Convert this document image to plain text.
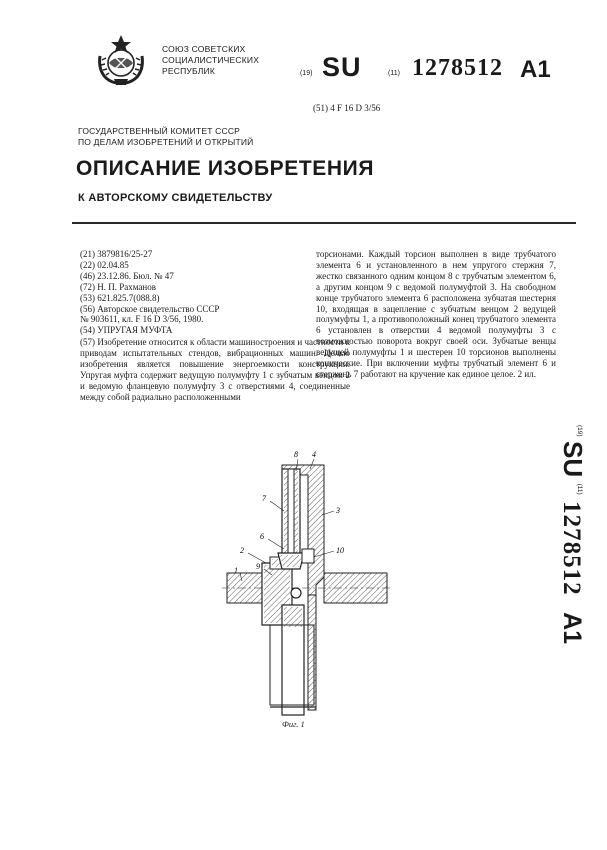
СОЮЗ СОВЕТСКИХ
СОЦИАЛИСТИЧЕСКИХ
РЕСПУБЛИК	(19) SU	(11) 1278512 A1
(51) 4 F 16 D 3/56
ГОСУДАРСТВЕННЫЙ КОМИТЕТ СССР
ПО ДЕЛАМ ИЗОБРЕТЕНИЙ И ОТКРЫТИЙ
ОПИСАНИЕ ИЗОБРЕТЕНИЯ
К АВТОРСКОМУ СВИДЕТЕЛЬСТВУ
(21) 3879816/25-27
(22) 02.04.85
(46) 23.12.86. Бюл. № 47
(72) Н. П. Рахманов
(53) 621.825.7(088.8)
(56) Авторское свидетельство СССР
№ 903611, кл. F 16 D 3/56, 1980.
(54) УПРУГАЯ МУФТА
(57) Изобретение относится к области машиностроения и частности к приводам испытательных стендов, вибрационных машин. Целью изобретения является повышение энергоемкости конструкции. Упругая муфта содержит ведущую полумуфту 1 с зубчатым венцом 2 и ведомую фланцевую полумуфту 3 с отверстиями 4, соединенные между собой радиально расположенными
торсионами. Каждый торсион выполнен в виде трубчатого элемента 6 и установленного в нем упругого стержня 7, жестко связанного одним концом 8 с трубчатым элементом 6, а другим концом 9 с ведомой полумуфтой 3. На свободном конце трубчатого элемента 6 расположена зубчатая шестерня 10, входящая в зацепление с зубчатым венцом 2 ведущей полумуфты 1, а противоположный конец трубчатого элемента 6 установлен в отверстии 4 ведомой полумуфты 3 с возможностью поворота вокруг своей оси. Зубчатые венцы ведущей полумуфты 1 и шестерен 10 торсионов выполнены конические. При включении муфты трубчатый элемент 6 и стержень 7 работают на кручение как единое целое. 2 ил.
$^{(19)}$ SU $^{(11)}$ 1278512 A1
8 4
7
3
6
10
2
9
1
Фиг. 1
